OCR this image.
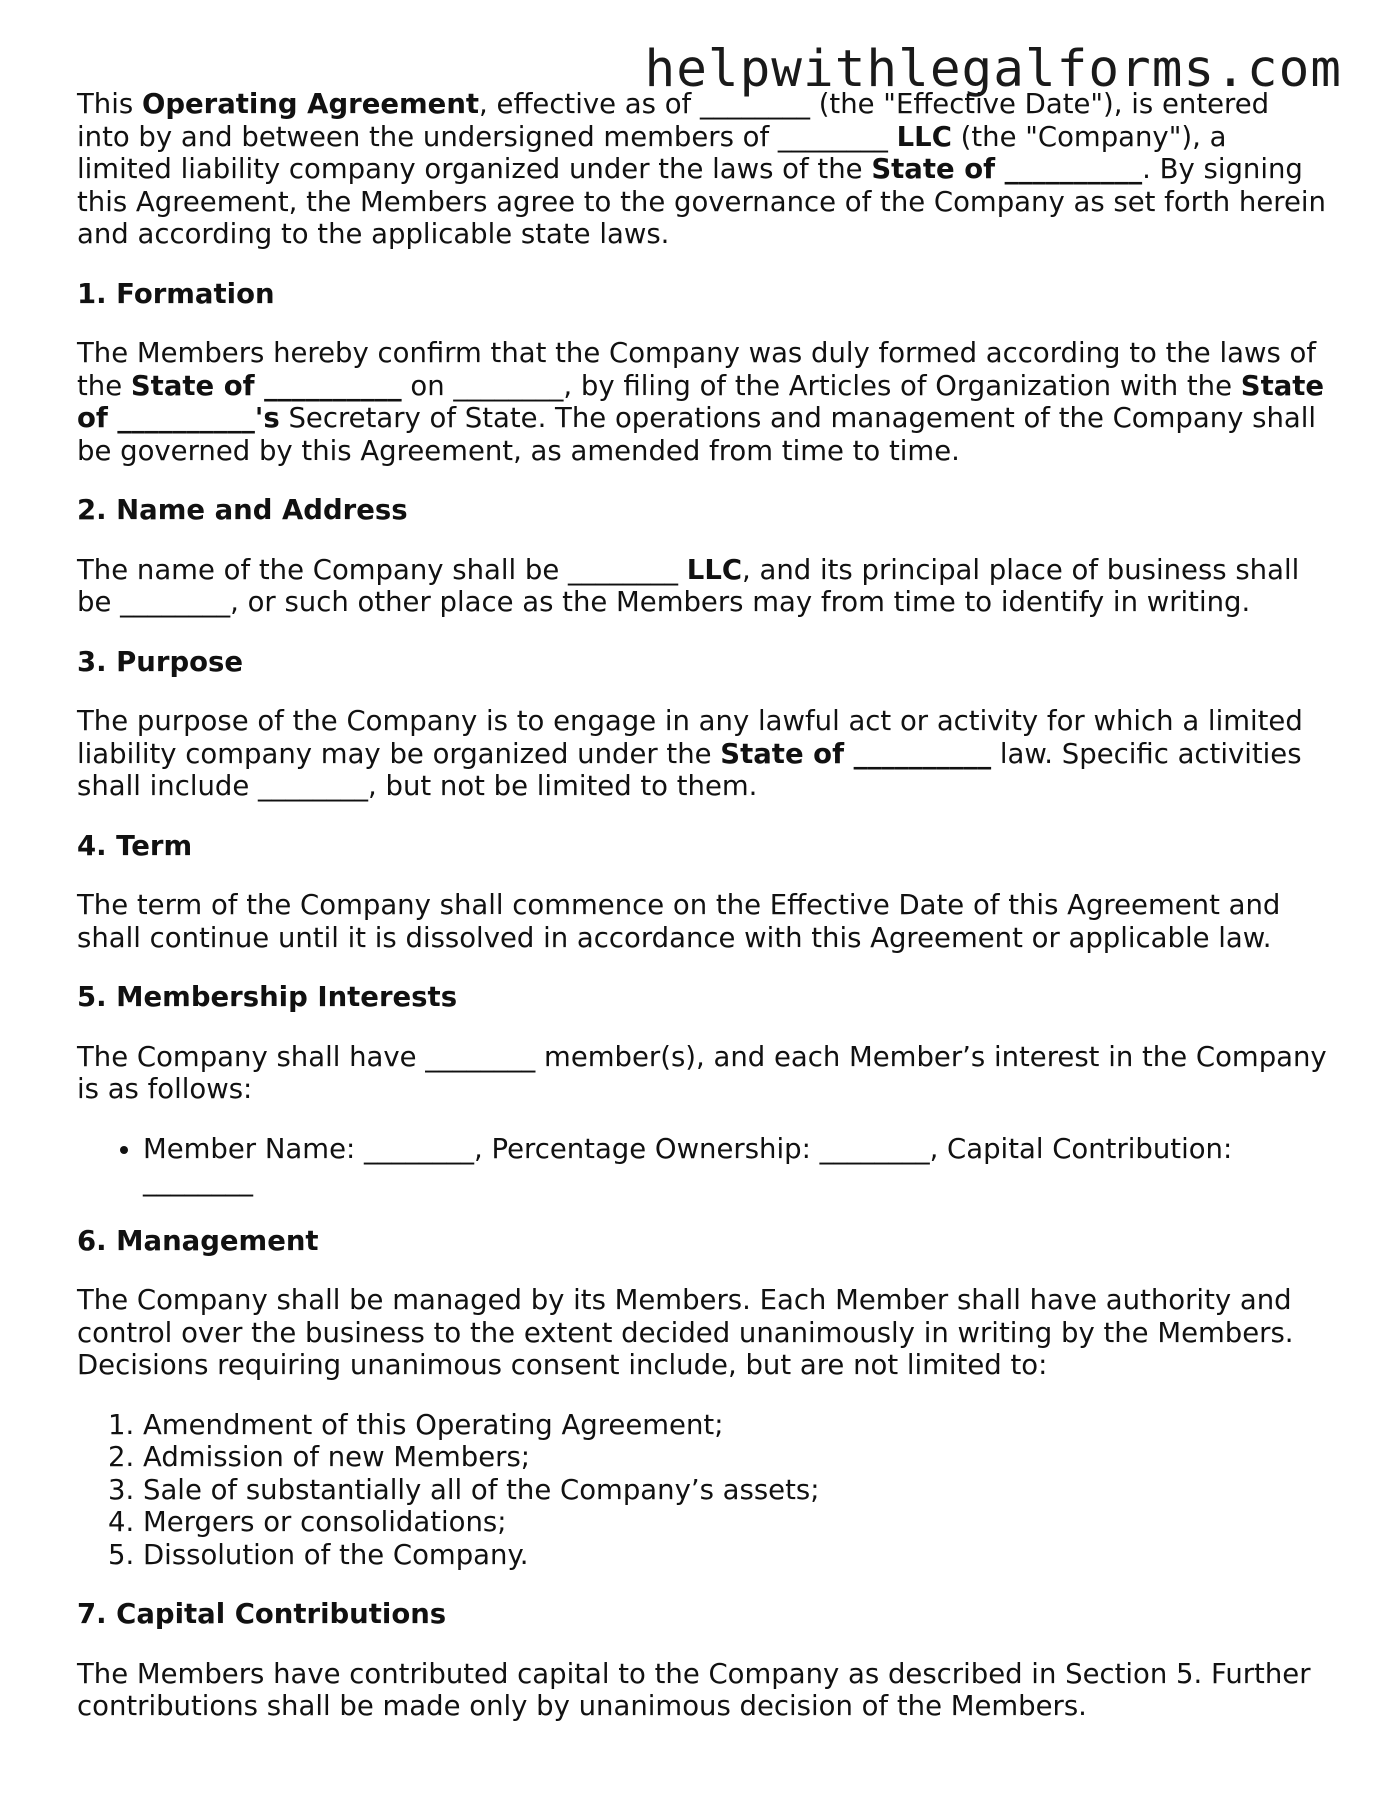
helpwithlegalforms.com

This Operating Agreement, effective as of ________ (the "Effective Date"), is entered into by and between the undersigned members of ________ LLC (the "Company"), a limited liability company organized under the laws of the State of __________. By signing this Agreement, the Members agree to the governance of the Company as set forth herein and according to the applicable state laws.

1. Formation

The Members hereby confirm that the Company was duly formed according to the laws of the State of __________ on ________, by filing of the Articles of Organization with the State of __________'s Secretary of State. The operations and management of the Company shall be governed by this Agreement, as amended from time to time.

2. Name and Address

The name of the Company shall be ________ LLC, and its principal place of business shall be ________, or such other place as the Members may from time to identify in writing.

3. Purpose

The purpose of the Company is to engage in any lawful act or activity for which a limited liability company may be organized under the State of __________ law. Specific activities shall include ________, but not be limited to them.

4. Term

The term of the Company shall commence on the Effective Date of this Agreement and shall continue until it is dissolved in accordance with this Agreement or applicable law.

5. Membership Interests

The Company shall have ________ member(s), and each Member’s interest in the Company is as follows:

• Member Name: ________, Percentage Ownership: ________, Capital Contribution: ________
6. Management

The Company shall be managed by its Members. Each Member shall have authority and control over the business to the extent decided unanimously in writing by the Members. Decisions requiring unanimous consent include, but are not limited to:

1. Amendment of this Operating Agreement;
2. Admission of new Members;
3. Sale of substantially all of the Company’s assets;
4. Mergers or consolidations;
5. Dissolution of the Company.
7. Capital Contributions

The Members have contributed capital to the Company as described in Section 5. Further contributions shall be made only by unanimous decision of the Members.
